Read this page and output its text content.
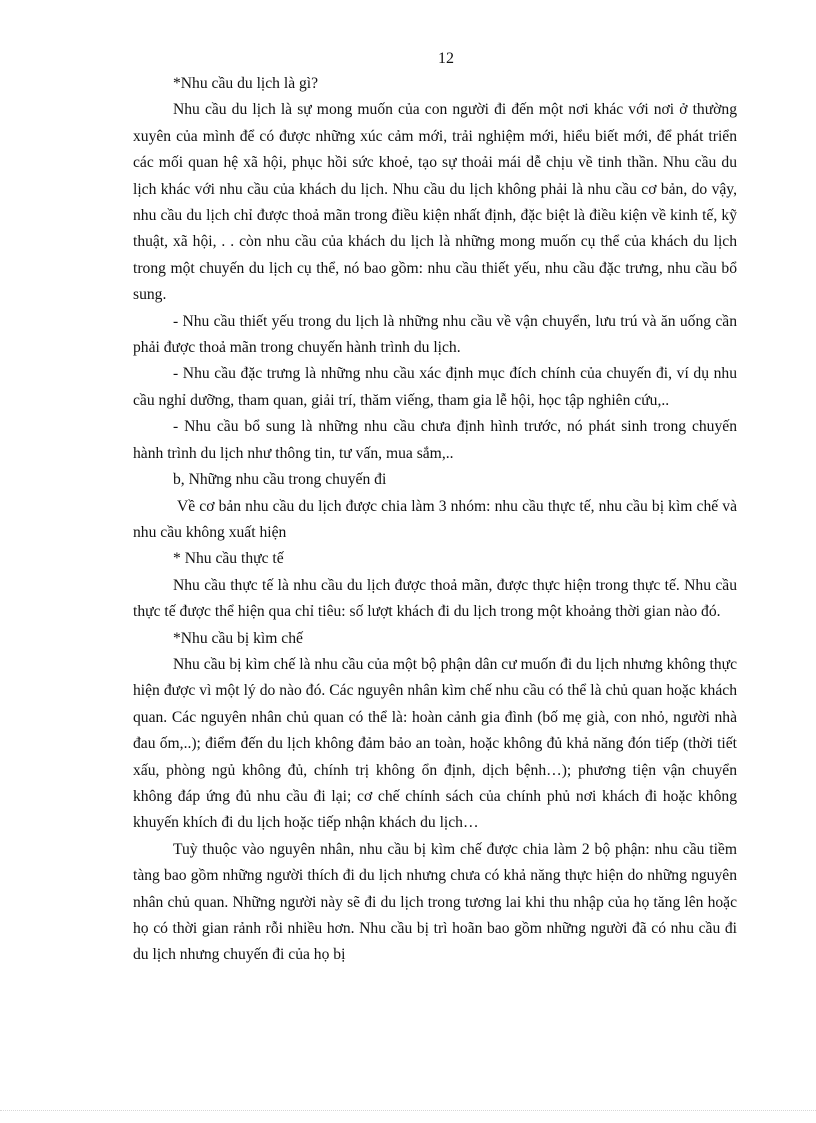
12

*Nhu cầu du lịch là gì?

Nhu cầu du lịch là sự mong muốn của con người đi đến một nơi khác với nơi ở thường xuyên của mình để có được những xúc cảm mới, trải nghiệm mới, hiểu biết mới, để phát triển các mối quan hệ xã hội, phục hồi sức khoẻ, tạo sự thoải mái dễ chịu về tinh thần. Nhu cầu du lịch khác với nhu cầu của khách du lịch. Nhu cầu du lịch không phải là nhu cầu cơ bản, do vậy, nhu cầu du lịch chỉ được thoả mãn trong điều kiện nhất định, đặc biệt là điều kiện về kinh tế, kỹ thuật, xã hội, . . còn nhu cầu của khách du lịch là những mong muốn cụ thể của khách du lịch trong một chuyến du lịch cụ thể, nó bao gồm: nhu cầu thiết yếu, nhu cầu đặc trưng, nhu cầu bổ sung.

- Nhu cầu thiết yếu trong du lịch là những nhu cầu về vận chuyển, lưu trú và ăn uống cần phải được thoả mãn trong chuyến hành trình du lịch.

- Nhu cầu đặc trưng là những nhu cầu xác định mục đích chính của chuyến đi, ví dụ nhu cầu nghỉ dưỡng, tham quan, giải trí, thăm viếng, tham gia lễ hội, học tập nghiên cứu,..

- Nhu cầu bổ sung là những nhu cầu chưa định hình trước, nó phát sinh trong chuyến hành trình du lịch như thông tin, tư vấn, mua sắm,..

b, Những nhu cầu trong chuyến đi

Về cơ bản nhu cầu du lịch được chia làm 3 nhóm: nhu cầu thực tế, nhu cầu bị kìm chế và nhu cầu không xuất hiện

* Nhu cầu thực tế

Nhu cầu thực tế là nhu cầu du lịch được thoả mãn, được thực hiện trong thực tế. Nhu cầu thực tế được thể hiện qua chỉ tiêu: số lượt khách đi du lịch trong một khoảng thời gian nào đó.

*Nhu cầu bị kìm chế

Nhu cầu bị kìm chế là nhu cầu của một bộ phận dân cư muốn đi du lịch nhưng không thực hiện được vì một lý do nào đó. Các nguyên nhân kìm chế nhu cầu có thể là chủ quan hoặc khách quan. Các nguyên nhân chủ quan có thể là: hoàn cảnh gia đình (bố mẹ già, con nhỏ, người nhà đau ốm,..); điểm đến du lịch không đảm bảo an toàn, hoặc không đủ khả năng đón tiếp (thời tiết xấu, phòng ngủ không đủ, chính trị không ổn định, dịch bệnh…); phương tiện vận chuyển không đáp ứng đủ nhu cầu đi lại; cơ chế chính sách của chính phủ nơi khách đi hoặc không khuyến khích đi du lịch hoặc tiếp nhận khách du lịch…

Tuỳ thuộc vào nguyên nhân, nhu cầu bị kìm chế được chia làm 2 bộ phận: nhu cầu tiềm tàng bao gồm những người thích đi du lịch nhưng chưa có khả năng thực hiện do những nguyên nhân chủ quan. Những người này sẽ đi du lịch trong tương lai khi thu nhập của họ tăng lên hoặc họ có thời gian rảnh rỗi nhiều hơn. Nhu cầu bị trì hoãn bao gồm những người đã có nhu cầu đi du lịch nhưng chuyến đi của họ bị
